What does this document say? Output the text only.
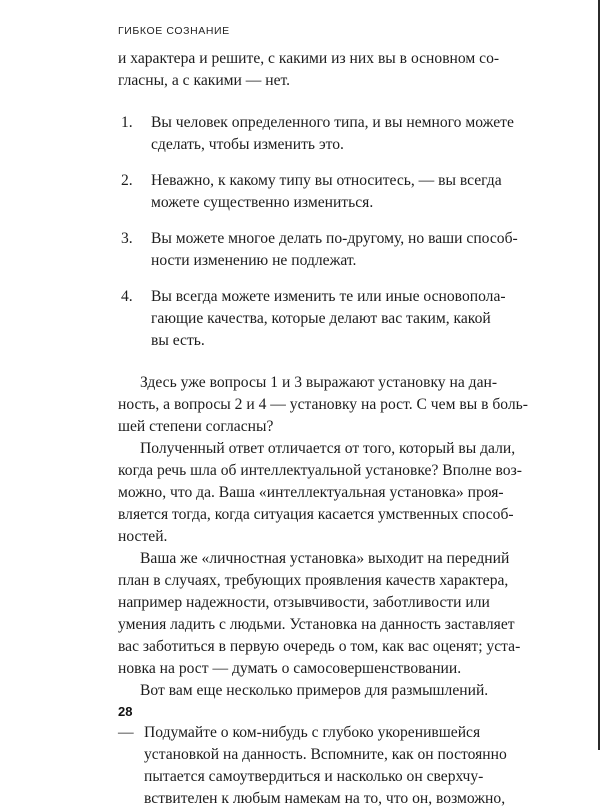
ГИБКОЕ СОЗНАНИЕ
и характера и решите, с какими из них вы в основном со-
гласны, а с какими — нет.
1.	Вы человек определенного типа, и вы немного можете
сделать, чтобы изменить это.
2.	Неважно, к какому типу вы относитесь, — вы всегда
можете существенно измениться.
3.	Вы можете многое делать по-другому, но ваши способ-
ности изменению не подлежат.
4.	Вы всегда можете изменить те или иные основопола-
гающие качества, которые делают вас таким, какой
вы есть.
Здесь уже вопросы 1 и 3 выражают установку на дан-
ность, а вопросы 2 и 4 — установку на рост. С чем вы в боль-
шей степени согласны?
Полученный ответ отличается от того, который вы дали,
когда речь шла об интеллектуальной установке? Вполне воз-
можно, что да. Ваша «интеллектуальная установка» проя-
вляется тогда, когда ситуация касается умственных способ-
ностей.
Ваша же «личностная установка» выходит на передний
план в случаях, требующих проявления качеств характера,
например надежности, отзывчивости, заботливости или
умения ладить с людьми. Установка на данность заставляет
вас заботиться в первую очередь о том, как вас оценят; уста-
новка на рост — думать о самосовершенствовании.
Вот вам еще несколько примеров для размышлений.
— Подумайте о ком-нибудь с глубоко укоренившейся
установкой на данность. Вспомните, как он постоянно
пытается самоутвердиться и насколько он сверхчу-
вствителен к любым намекам на то, что он, возможно,
28
